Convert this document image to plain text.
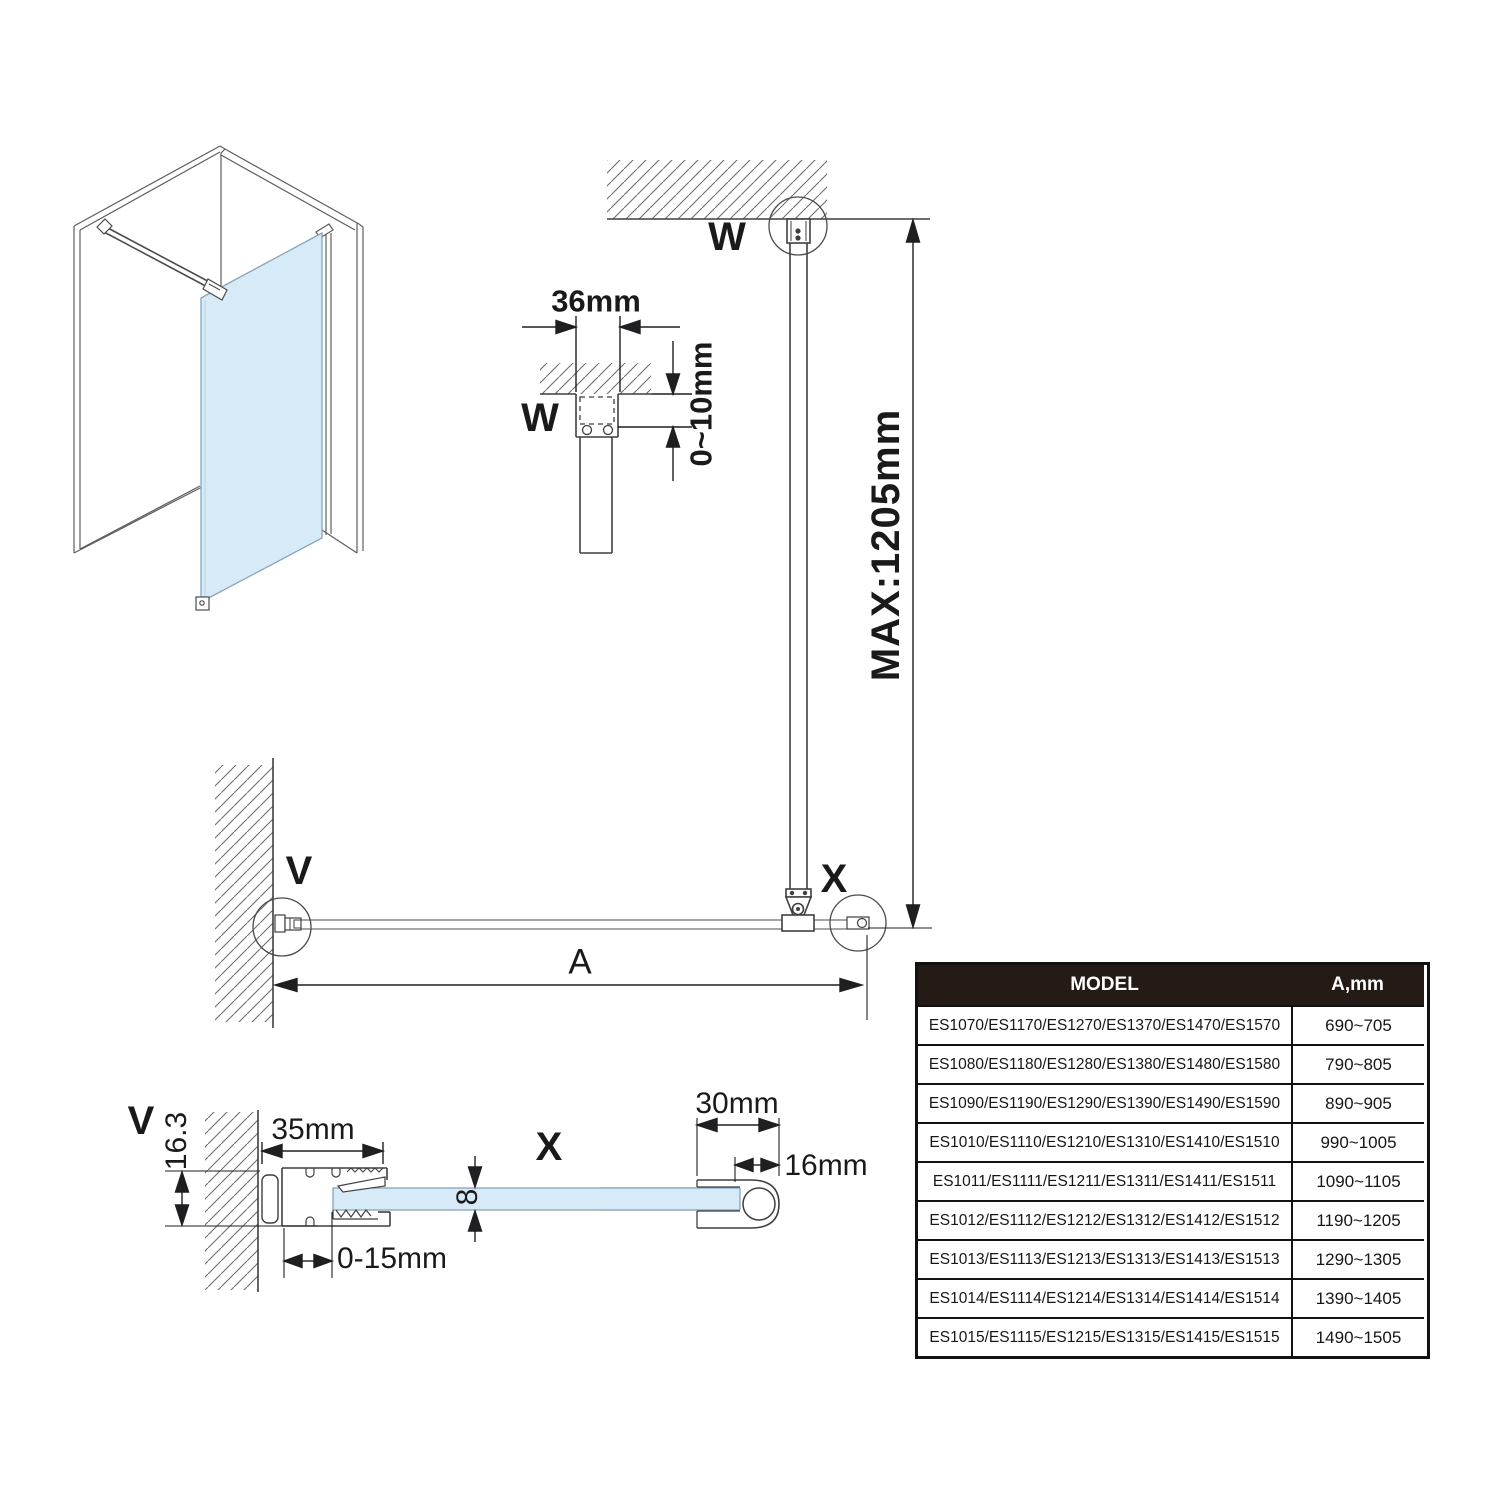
W
W
36mm
0~10mm
MAX:1205mm
V	X
A
V 16.3	35mm
8
0-15mm
X
30mm
16mm
MODEL	A,mm
ES1070/ES1170/ES1270/ES1370/ES1470/ES1570	690~705
ES1080/ES1180/ES1280/ES1380/ES1480/ES1580	790~805
ES1090/ES1190/ES1290/ES1390/ES1490/ES1590	890~905
ES1010/ES1110/ES1210/ES1310/ES1410/ES1510	990~1005
ES1011/ES1111/ES1211/ES1311/ES1411/ES1511	1090~1105
ES1012/ES1112/ES1212/ES1312/ES1412/ES1512	1190~1205
ES1013/ES1113/ES1213/ES1313/ES1413/ES1513	1290~1305
ES1014/ES1114/ES1214/ES1314/ES1414/ES1514	1390~1405
ES1015/ES1115/ES1215/ES1315/ES1415/ES1515	1490~1505
